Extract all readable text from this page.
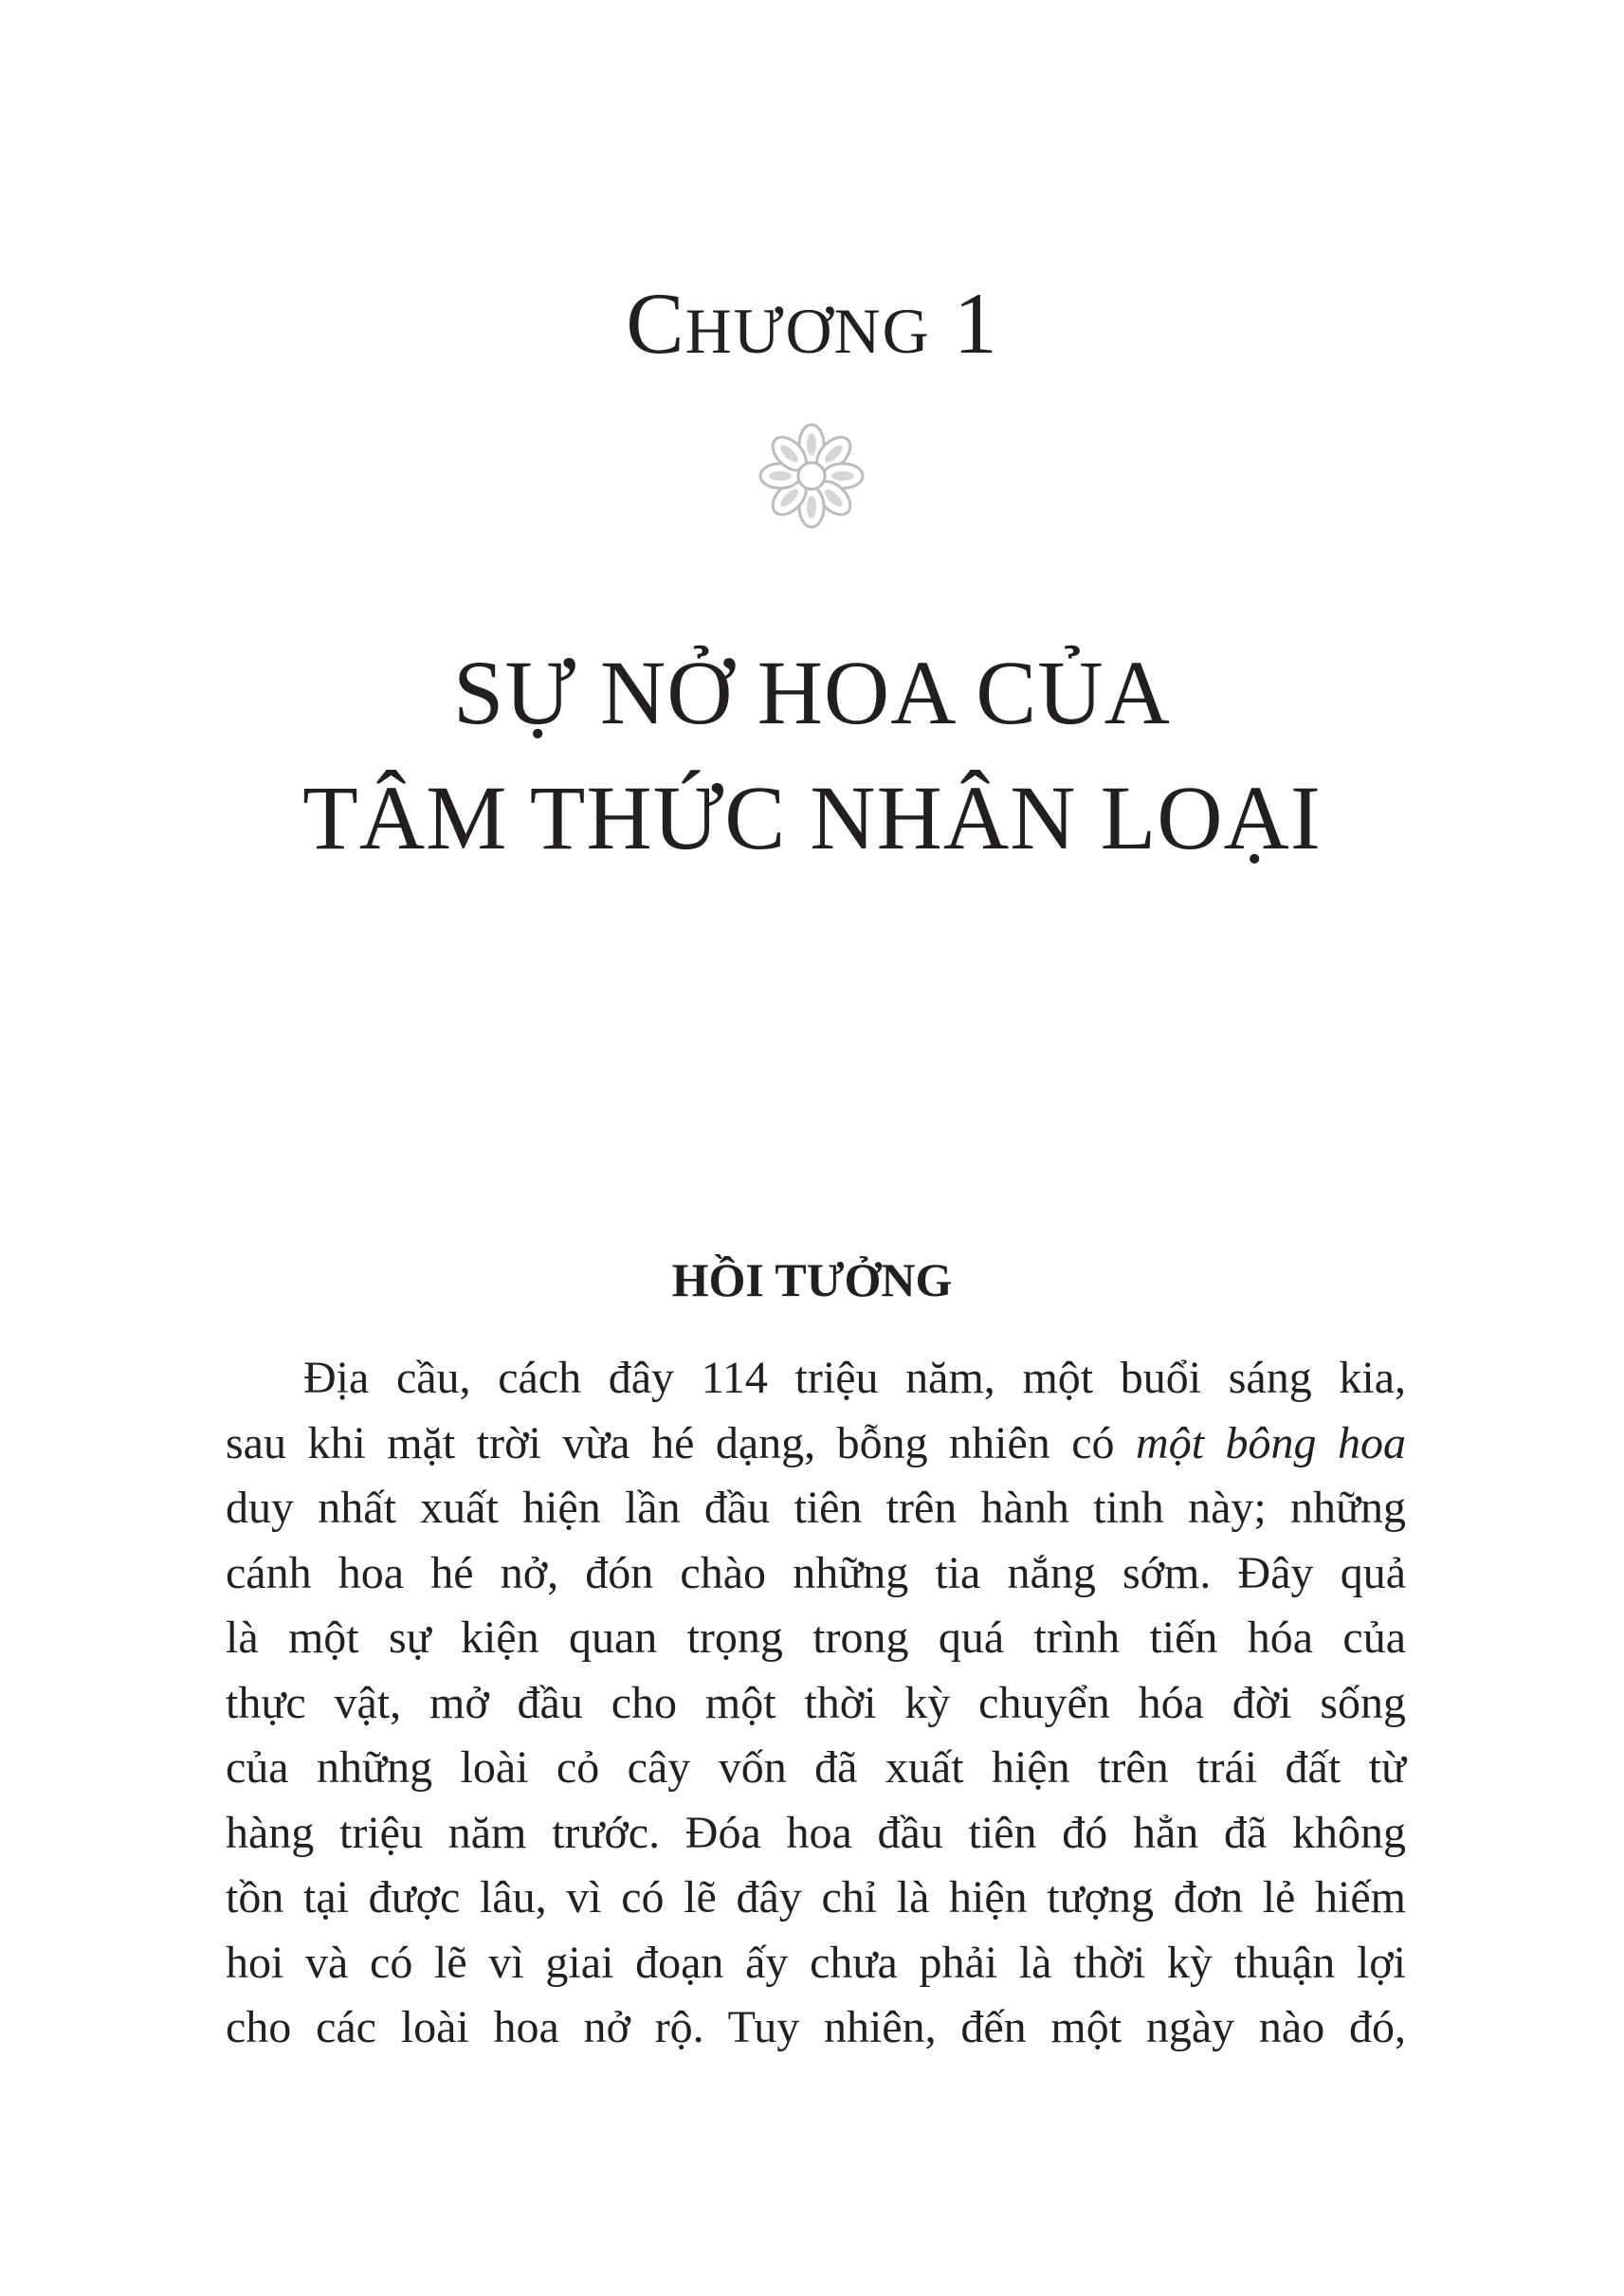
CHƯƠNG 1
SỰ NỞ HOA CỦA
TÂM THỨC NHÂN LOẠI
HỒI TƯỞNG
Địa cầu, cách đây 114 triệu năm, một buổi sáng kia,
sau khi mặt trời vừa hé dạng, bỗng nhiên có một bông hoa
duy nhất xuất hiện lần đầu tiên trên hành tinh này; những
cánh hoa hé nở, đón chào những tia nắng sớm. Đây quả
là một sự kiện quan trọng trong quá trình tiến hóa của
thực vật, mở đầu cho một thời kỳ chuyển hóa đời sống
của những loài cỏ cây vốn đã xuất hiện trên trái đất từ
hàng triệu năm trước. Đóa hoa đầu tiên đó hẳn đã không
tồn tại được lâu, vì có lẽ đây chỉ là hiện tượng đơn lẻ hiếm
hoi và có lẽ vì giai đoạn ấy chưa phải là thời kỳ thuận lợi
cho các loài hoa nở rộ. Tuy nhiên, đến một ngày nào đó,
